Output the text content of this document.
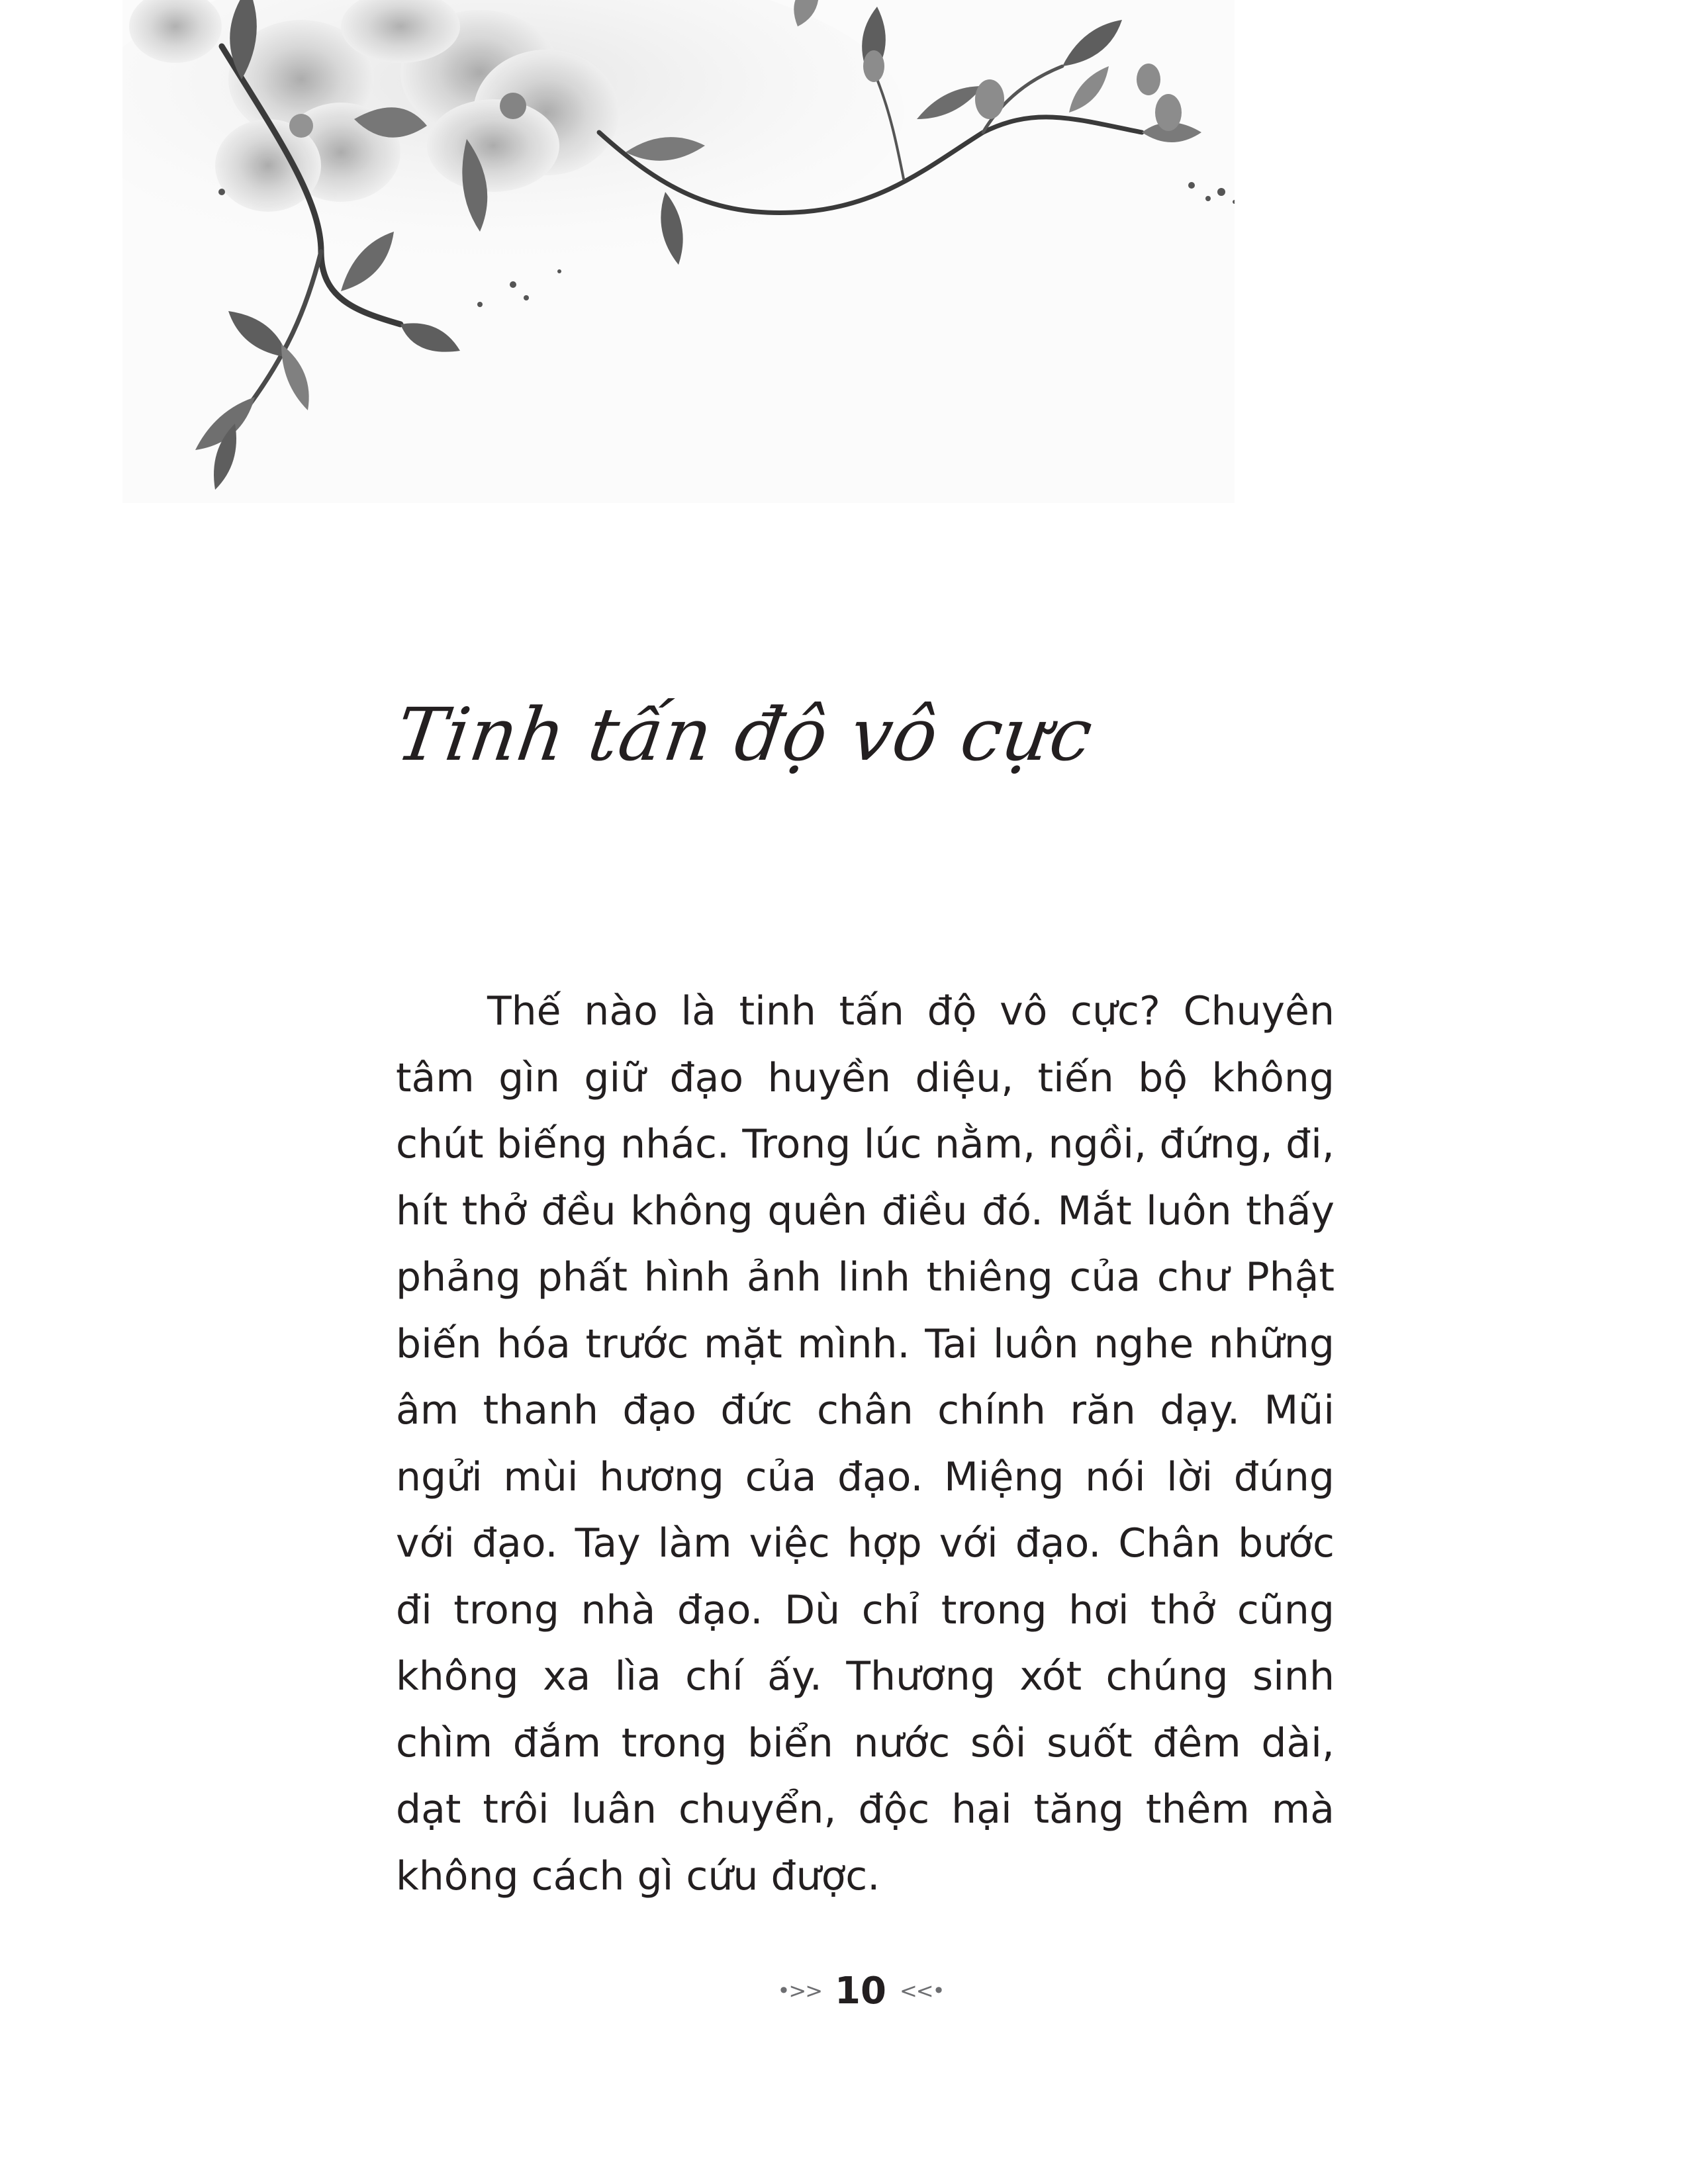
Tinh tấn độ vô cực

Thế nào là tinh tấn độ vô cực? Chuyên tâm gìn giữ đạo huyền diệu, tiến bộ không chút biếng nhác. Trong lúc nằm, ngồi, đứng, đi, hít thở đều không quên điều đó. Mắt luôn thấy phảng phất hình ảnh linh thiêng của chư Phật biến hóa trước mặt mình. Tai luôn nghe những âm thanh đạo đức chân chính răn dạy. Mũi ngửi mùi hương của đạo. Miệng nói lời đúng với đạo. Tay làm việc hợp với đạo. Chân bước đi trong nhà đạo. Dù chỉ trong hơi thở cũng không xa lìa chí ấy. Thương xót chúng sinh chìm đắm trong biển nước sôi suốt đêm dài, dạt trôi luân chuyển, độc hại tăng thêm mà không cách gì cứu được.

•>> 10 <<•
